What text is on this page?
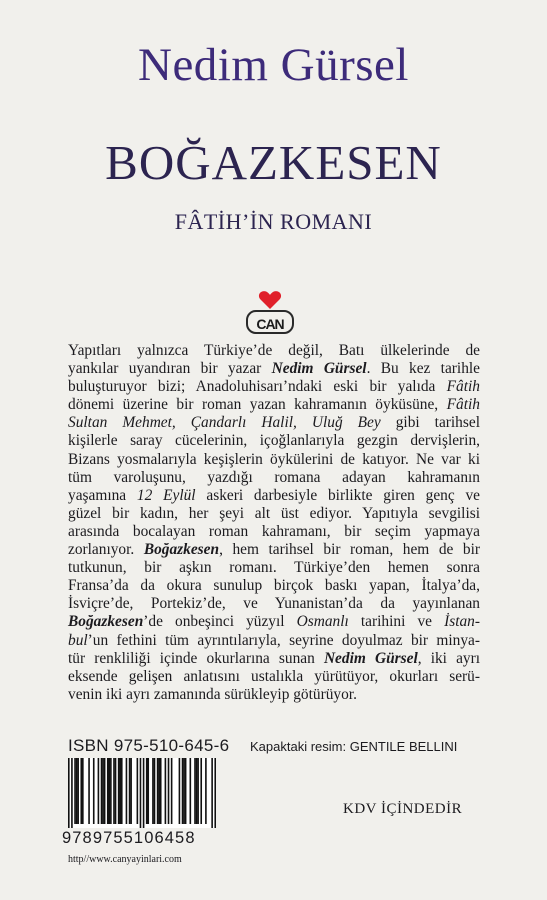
Nedim Gürsel
BOĞAZKESEN
FÂTİH’İN ROMANI
CAN
Yapıtları yalnızca Türkiye’de değil, Batı ülkelerinde de
yankılar uyandıran bir yazar Nedim Gürsel. Bu kez tarihle
buluşturuyor bizi; Anadoluhisarı’ndaki eski bir yalıda Fâtih
dönemi üzerine bir roman yazan kahramanın öyküsüne, Fâtih
Sultan Mehmet, Çandarlı Halil, Uluğ Bey gibi tarihsel
kişilerle saray cücelerinin, içoğlanlarıyla gezgin dervişlerin,
Bizans yosmalarıyla keşişlerin öykülerini de katıyor. Ne var ki
tüm varoluşunu, yazdığı romana adayan kahramanın
yaşamına 12 Eylül askeri darbesiyle birlikte giren genç ve
güzel bir kadın, her şeyi alt üst ediyor. Yapıtıyla sevgilisi
arasında bocalayan roman kahramanı, bir seçim yapmaya
zorlanıyor. Boğazkesen, hem tarihsel bir roman, hem de bir
tutkunun, bir aşkın romanı. Türkiye’den hemen sonra
Fransa’da da okura sunulup birçok baskı yapan, İtalya’da,
İsviçre’de, Portekiz’de, ve Yunanistan’da da yayınlanan
Boğazkesen’de onbeşinci yüzyıl Osmanlı tarihini ve İstan-
bul’un fethini tüm ayrıntılarıyla, seyrine doyulmaz bir minya-
tür renkliliği içinde okurlarına sunan Nedim Gürsel, iki ayrı
eksende gelişen anlatısını ustalıkla yürütüyor, okurları serü-
venin iki ayrı zamanında sürükleyip götürüyor.
ISBN 975-510-645-6 Kapaktaki resim: GENTILE BELLINI
9789755106458
http//www.canyayinlari.com
KDV İÇİNDEDİR
